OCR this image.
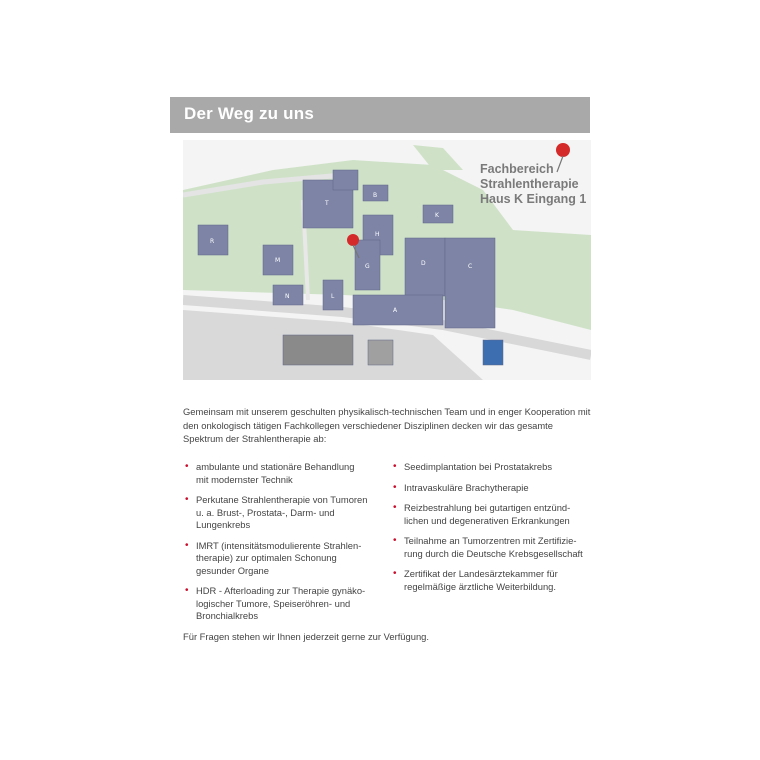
Der Weg zu uns
T
B
K
H
G	D	C
A
M
N	L
R
Fachbereich
Strahlentherapie
Haus K Eingang 1

Gemeinsam mit unserem geschulten physikalisch-technischen Team und in enger Kooperation mit den onkologisch tätigen Fachkollegen verschiedener Disziplinen decken wir das gesamte Spektrum der Strahlentherapie ab:

• ambulante und stationäre Behandlung
mit modernster Technik
• Perkutane Strahlentherapie von Tumoren
u. a. Brust-, Prostata-, Darm- und
Lungenkrebs
• IMRT (intensitätsmodulierente Strahlen-
therapie) zur optimalen Schonung
gesunder Organe
• HDR - Afterloading zur Therapie gynäko-
logischer Tumore, Speiseröhren- und
Bronchialkrebs
• Seedimplantation bei Prostatakrebs
• Intravaskuläre Brachytherapie
• Reizbestrahlung bei gutartigen entzünd-
lichen und degenerativen Erkrankungen
• Teilnahme an Tumorzentren mit Zertifizie-
rung durch die Deutsche Krebsgesellschaft
• Zertifikat der Landesärztekammer für
regelmäßige ärztliche Weiterbildung.

Für Fragen stehen wir Ihnen jederzeit gerne zur Verfügung.
